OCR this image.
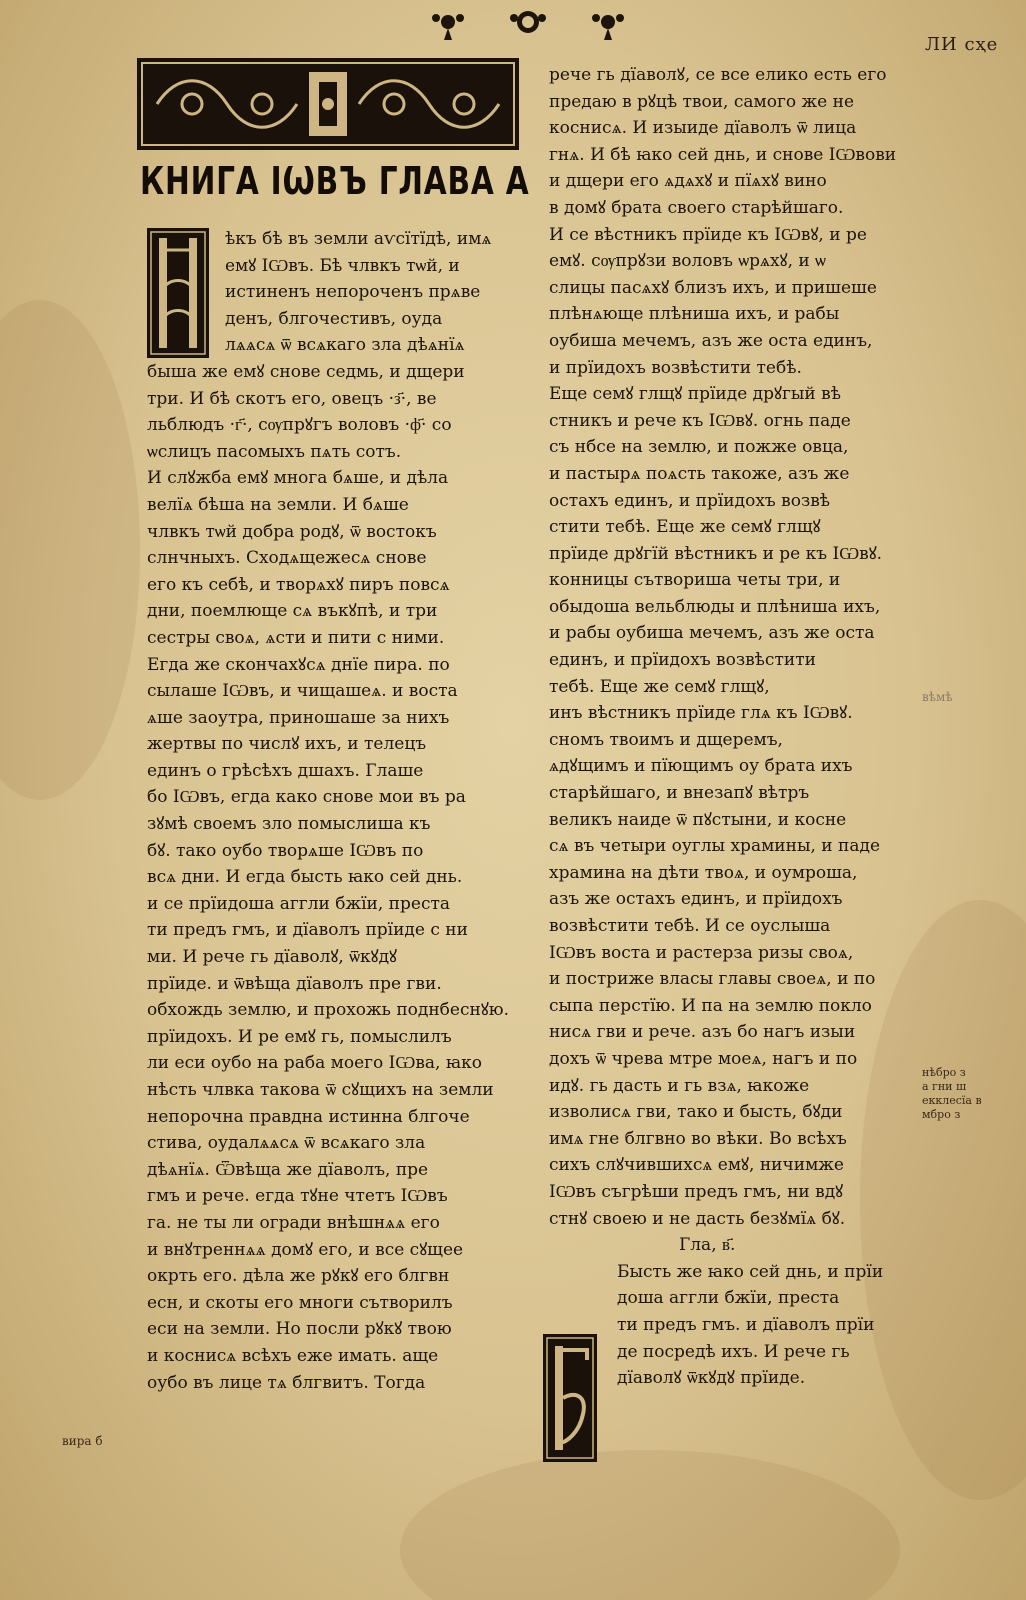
ЛИ сҳе
КНИГА ІѠВЪ ГЛАВА А
ѣкъ бѣ въ земли аѵсїтїдѣ, имѧ
емꙋ ІѠвъ. Бѣ члвкъ тѡй, и
истиненъ непороченъ прѧве
денъ, блгочестивъ, оуда
лѧѧсѧ ѿ всѧкаго зла дѣѧнїѧ
быша же емꙋ снове седмь, и дщери
три. И бѣ скотъ его, овецъ ·з҃·, ве
льблюдъ ·г҃·, сѹпрꙋгъ воловъ ·ф҃· со
ѡслицъ пасомыхъ пѧть сотъ.
И слꙋжба емꙋ многа бѧше, и дѣла
велїѧ бѣша на земли. И бѧше
члвкъ тѡй добра родꙋ, ѿ востокъ
слнчныхъ. Сходѧщежесѧ снове
его къ себѣ, и творѧхꙋ пиръ повсѧ
дни, поемлюще сѧ въкꙋпѣ, и три
сестры своѧ, ѧсти и пити с ними.
Егда же скончахꙋсѧ днїе пира. по
сылаше ІѠвъ, и чищашеѧ. и воста
ѧше заоутра, приношаше за нихъ
жертвы по числꙋ ихъ, и телецъ
единъ о грѣсѣхъ дшахъ. Глаше
бо ІѠвъ, егда како снове мои въ ра
зꙋмѣ своемъ зло помыслиша къ
бꙋ. тако оубо творѧше ІѠвъ по
всѧ дни. И егда бысть ꙗко сей днь.
и се прїидоша аггли бжїи, преста
ти предъ гмъ, и дїаволъ прїиде с ни
ми. И рече гь дїаволꙋ, ѿкꙋдꙋ
прїиде. и ѿвѣща дїаволъ пре гви.
обхождь землю, и прохожь поднбеснꙋю.
прїидохъ. И ре емꙋ гь, помыслилъ
ли еси оубо на раба моего ІѠва, ꙗко
нѣсть члвка такова ѿ сꙋщихъ на земли
непорочна правдна истинна блгоче
стива, оудалѧѧсѧ ѿ всѧкаго зла
дѣѧнїѧ. Ѿвѣща же дїаволъ, пре
гмъ и рече. егда тꙋне чтетъ ІѠвъ
га. не ты ли огради внѣшнѧѧ его
и внꙋтреннѧѧ домꙋ его, и все сꙋщее
окрть его. дѣла же рꙋкꙋ его блгвн
есн, и скоты его многи сътворилъ
еси на земли. Но посли рꙋкꙋ твою
и коснисѧ всѣхъ еже имать. аще
оубо въ лице тѧ блгвитъ. Тогда
вира б
рече гь дїаволꙋ, се все елико есть его
предаю в рꙋцѣ твои, самого же не
коснисѧ. И изыиде дїаволъ ѿ лица
гнѧ. И бѣ ꙗко сей днь, и снове ІѠвови
и дщери его ѧдѧхꙋ и пїѧхꙋ вино
в домꙋ брата своего старѣйшаго.
И се вѣстникъ прїиде къ ІѠвꙋ, и ре
емꙋ. сѹпрꙋзи воловъ ѡрѧхꙋ, и ѡ
слицы пасѧхꙋ близъ ихъ, и пришеше
плѣнѧюще плѣниша ихъ, и рабы
оубиша мечемъ, азъ же оста единъ,
и прїидохъ возвѣстити тебѣ.
Еще семꙋ глщꙋ прїиде дрꙋгый вѣ
стникъ и рече къ ІѠвꙋ. огнь паде
съ нбсе на землю, и пожже овца,
и пастырѧ поѧсть такоже, азъ же
остахъ единъ, и прїидохъ возвѣ
стити тебѣ. Еще же семꙋ глщꙋ
прїиде дрꙋгїй вѣстникъ и ре къ ІѠвꙋ.
конницы сътвориша четы три, и
обыдоша вельблюды и плѣниша ихъ,
и рабы оубиша мечемъ, азъ же оста
единъ, и прїидохъ возвѣстити
тебѣ. Еще же семꙋ глщꙋ,
инъ вѣстникъ прїиде глѧ къ ІѠвꙋ.
сномъ твоимъ и дщеремъ,
ѧдꙋщимъ и пїющимъ оу брата ихъ
старѣйшаго, и внезапꙋ вѣтръ
великъ наиде ѿ пꙋстыни, и косне
сѧ въ четыри оуглы храмины, и паде
храмина на дѣти твоѧ, и оумроша,
азъ же остахъ единъ, и прїидохъ
возвѣстити тебѣ. И се оуслыша
ІѠвъ воста и растерза ризы своѧ,
и постриже власы главы своеѧ, и по
сыпа перстїю. И па на землю покло
нисѧ гви и рече. азъ бо нагъ изыи
дохъ ѿ чрева мтре моеѧ, нагъ и по
идꙋ. гь дасть и гь взѧ, ꙗкоже
изволисѧ гви, тако и бысть, бꙋди
имѧ гне блгвно во вѣки. Во всѣхъ
сихъ слꙋчившихсѧ емꙋ, ничимже
ІѠвъ съгрѣши предъ гмъ, ни вдꙋ
стнꙋ своею и не дасть безꙋмїѧ бꙋ.
Гла, в҃.
Бысть же ꙗко сей днь, и прїи
доша аггли бжїи, преста
ти предъ гмъ. и дїаволъ прїи
де посредѣ ихъ. И рече гь
дїаволꙋ ѿкꙋдꙋ прїиде.
вѣмѣ
нѣбро з
а гни ш
екклесїа в
мбро з
